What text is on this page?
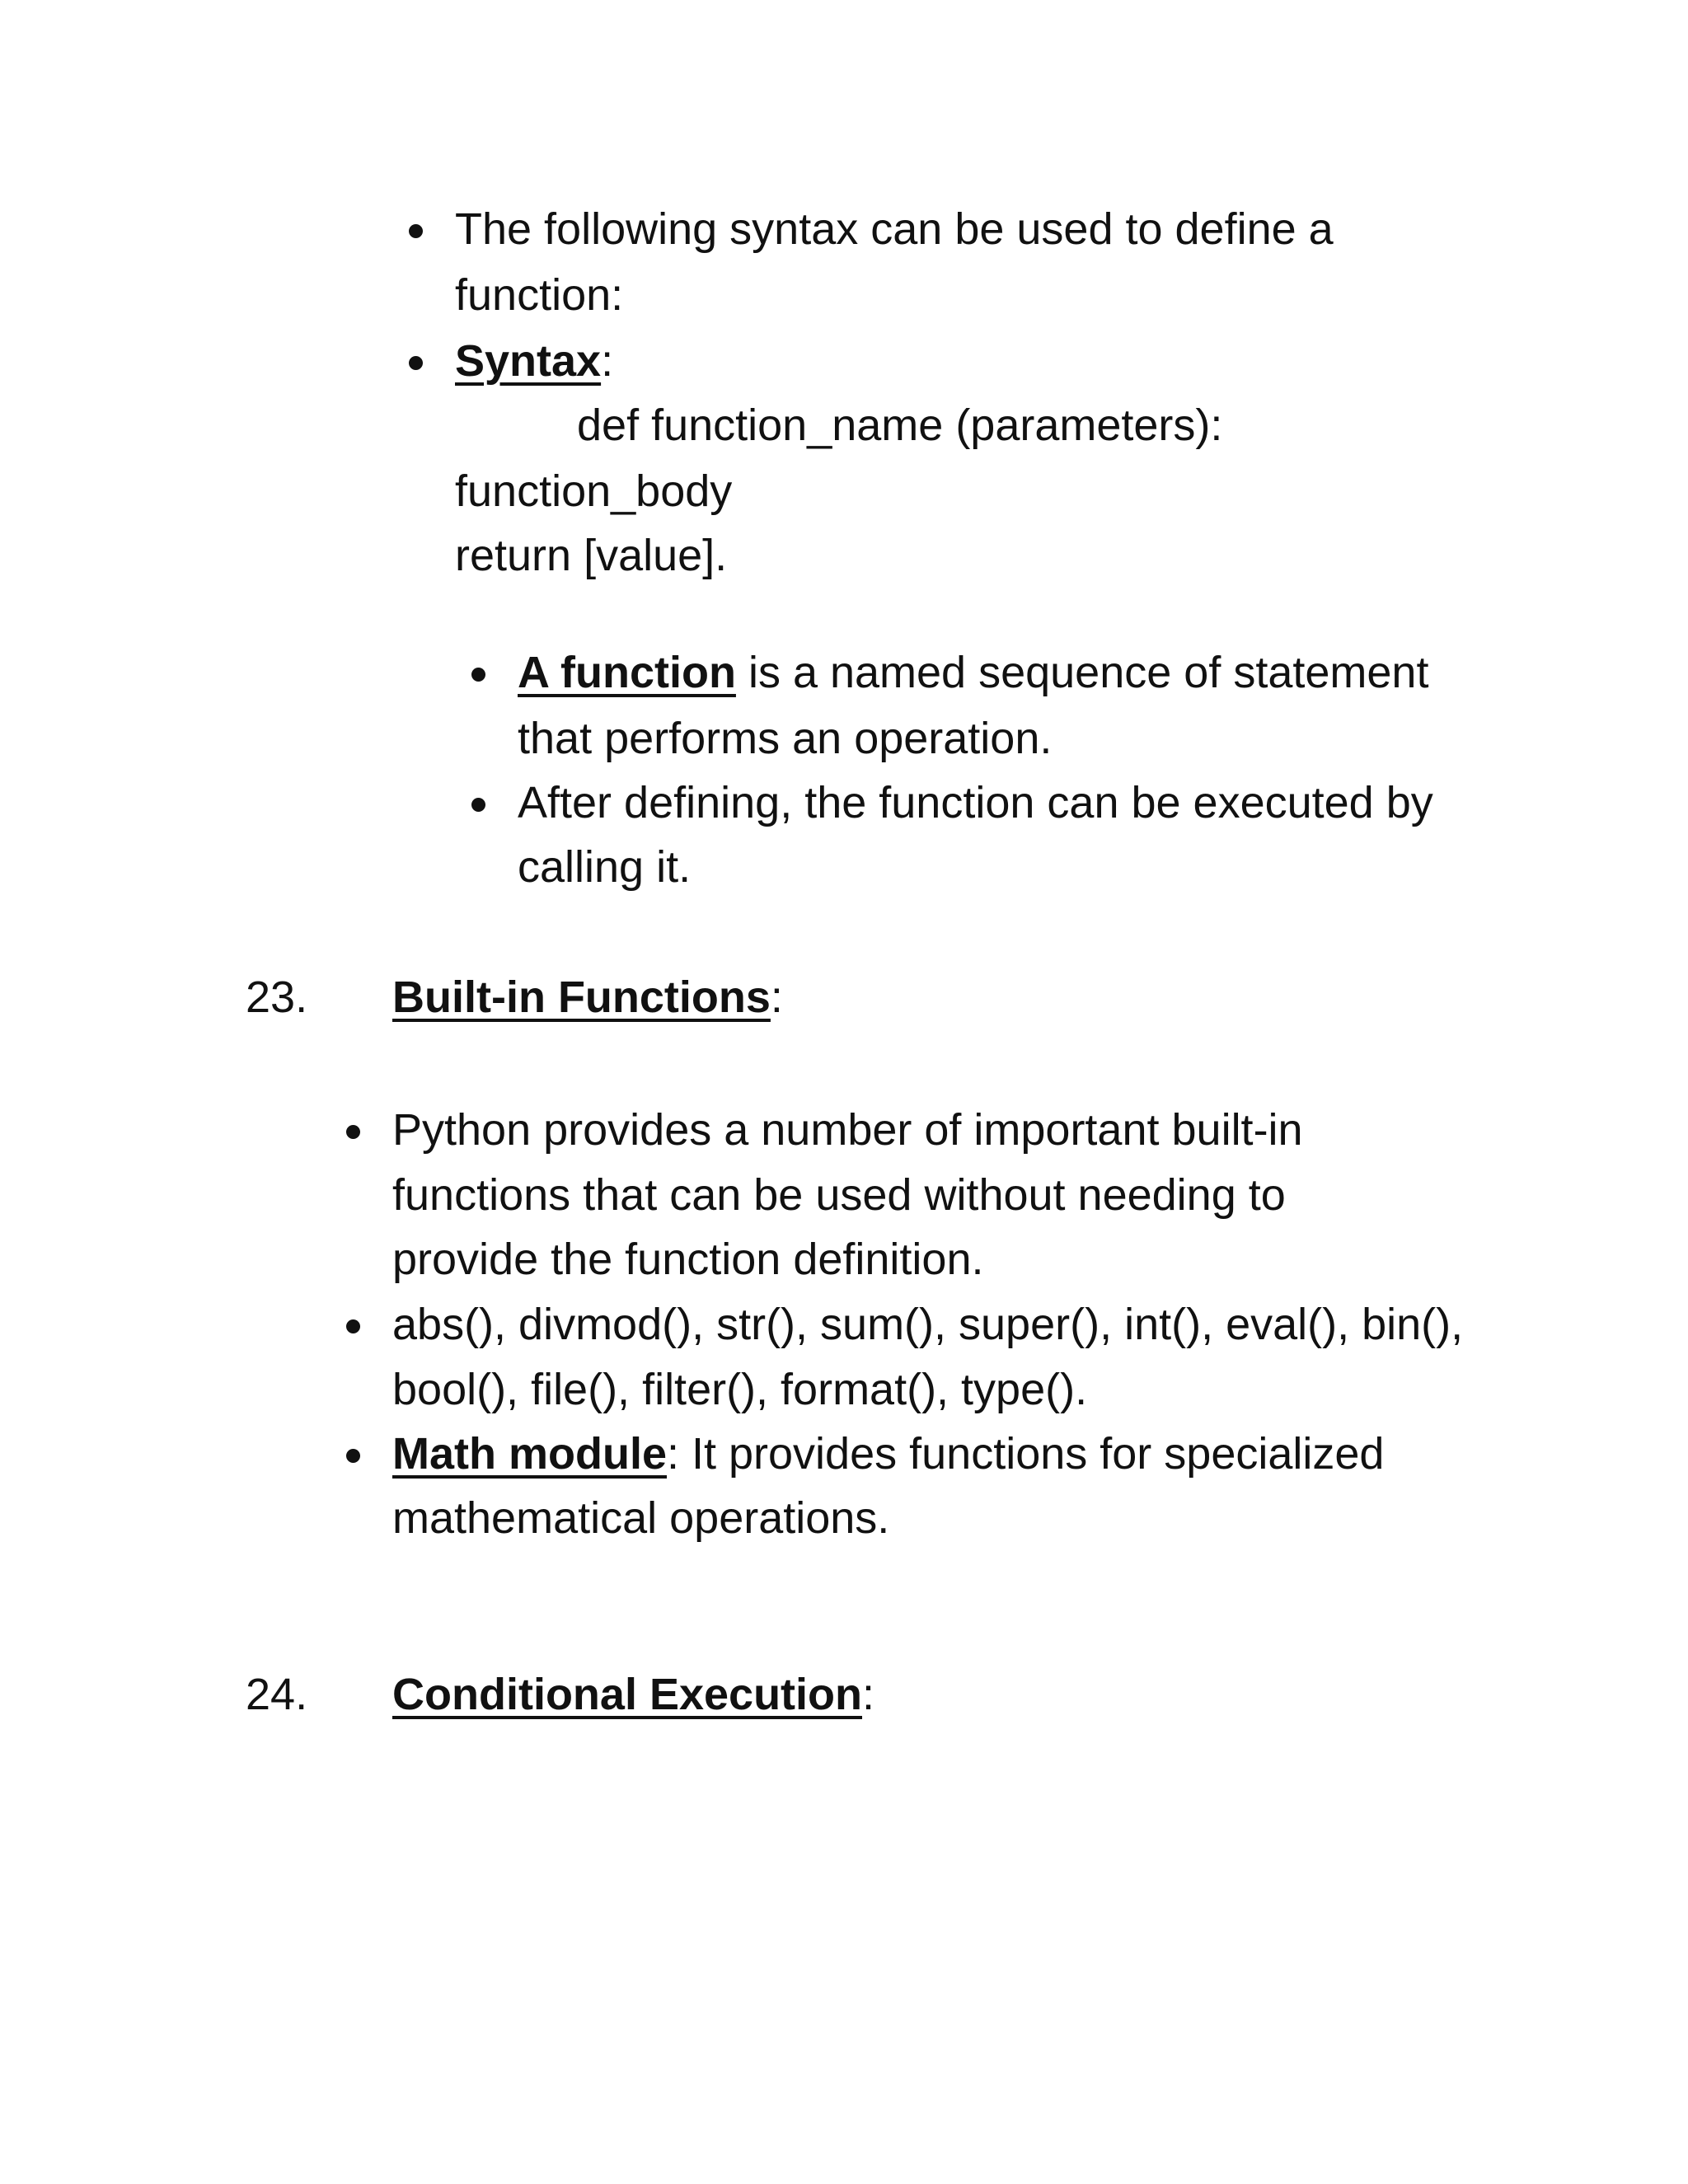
The following syntax can be used to define a
function:
Syntax:
def function_name (parameters):
function_body
return [value].
A function is a named sequence of statement
that performs an operation.
After defining, the function can be executed by
calling it.
23. Built-in Functions:
Python provides a number of important built-in
functions that can be used without needing to
provide the function definition.
abs(), divmod(), str(), sum(), super(), int(), eval(), bin(),
bool(), file(), filter(), format(), type().
Math module: It provides functions for specialized
mathematical operations.
24. Conditional Execution:
